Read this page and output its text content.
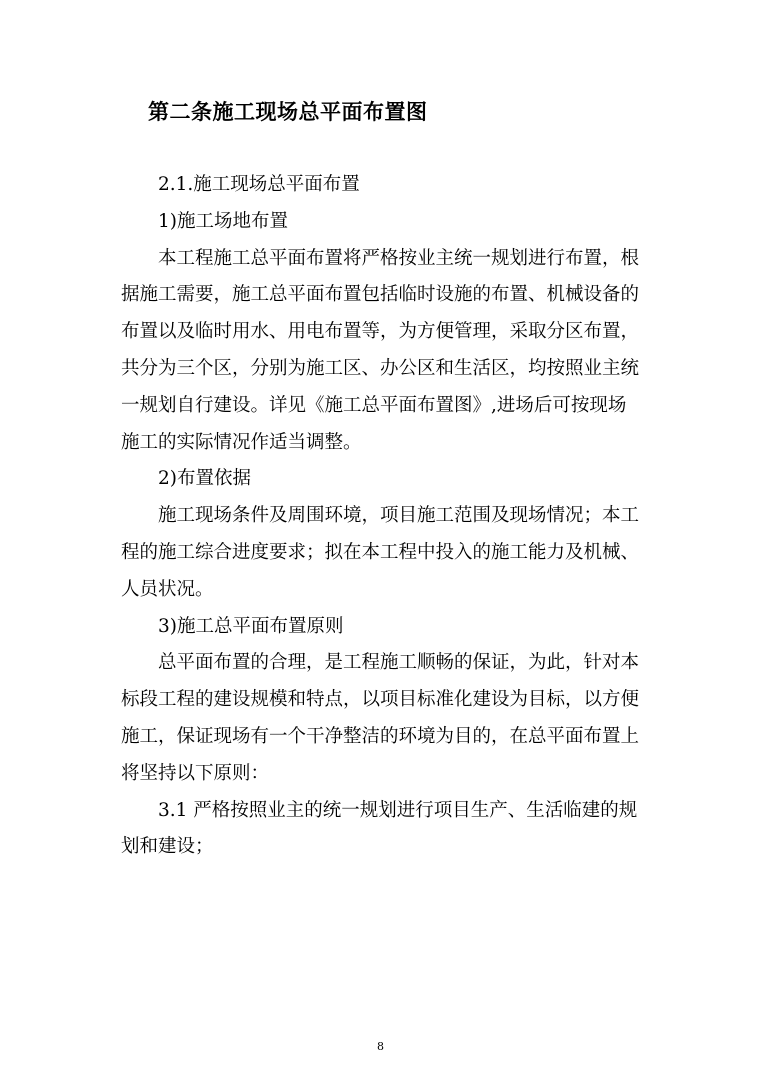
第二条施工现场总平面布置图

2.1.施工现场总平面布置

1)施工场地布置

本工程施工总平面布置将严格按业主统一规划进行布置，根据施工需要，施工总平面布置包括临时设施的布置、机械设备的布置以及临时用水、用电布置等，为方便管理，采取分区布置，共分为三个区，分别为施工区、办公区和生活区，均按照业主统一规划自行建设。详见《施工总平面布置图》,进场后可按现场施工的实际情况作适当调整。

2)布置依据

施工现场条件及周围环境，项目施工范围及现场情况；本工程的施工综合进度要求；拟在本工程中投入的施工能力及机械、人员状况。

3)施工总平面布置原则

总平面布置的合理，是工程施工顺畅的保证，为此，针对本标段工程的建设规模和特点，以项目标准化建设为目标，以方便施工，保证现场有一个干净整洁的环境为目的，在总平面布置上将坚持以下原则：

3.1 严格按照业主的统一规划进行项目生产、生活临建的规划和建设；

8
